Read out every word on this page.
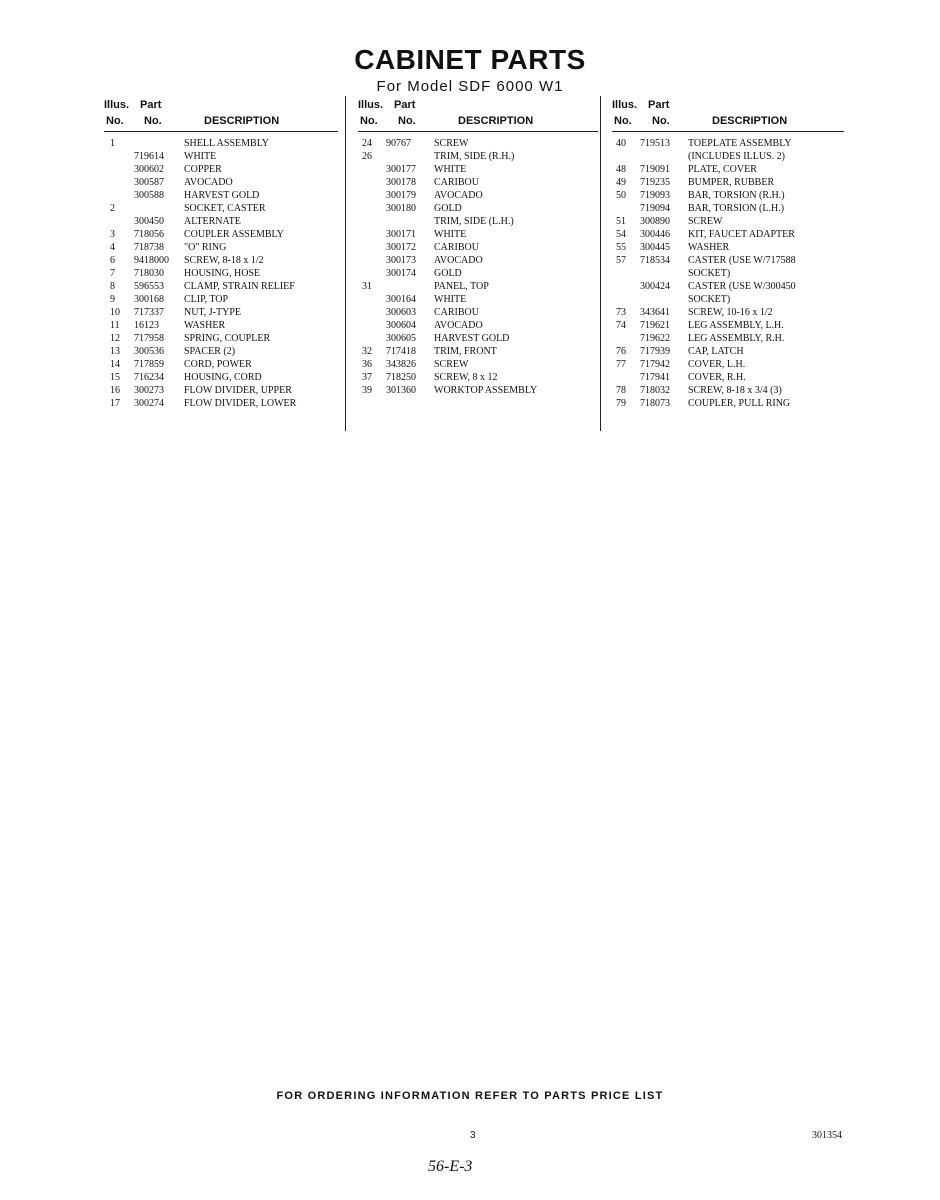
CABINET PARTS
For Model SDF 6000 W1
Illus. Part
No. No.	DESCRIPTION
1	SHELL ASSEMBLY
719614 WHITE
300602 COPPER
300587 AVOCADO
300588 HARVEST GOLD
2	SOCKET, CASTER
300450 ALTERNATE
3 718056 COUPLER ASSEMBLY
4 718738 "O" RING
6 9418000 SCREW, 8-18 x 1/2
7 718030 HOUSING, HOSE
8 596553 CLAMP, STRAIN RELIEF
9 300168 CLIP, TOP
10 717337 NUT, J-TYPE
11 16123	WASHER
12 717958 SPRING, COUPLER
13 300536 SPACER (2)
14 717859 CORD, POWER
15 716234 HOUSING, CORD
16 300273 FLOW DIVIDER, UPPER
17 300274 FLOW DIVIDER, LOWER
Illus. Part
No. No.	DESCRIPTION
24 90767 SCREW
26	TRIM, SIDE (R.H.)
300177 WHITE
300178 CARIBOU
300179 AVOCADO
300180 GOLD
TRIM, SIDE (L.H.)
300171 WHITE
300172 CARIBOU
300173 AVOCADO
300174 GOLD
31	PANEL, TOP
300164 WHITE
300603 CARIBOU
300604 AVOCADO
300605 HARVEST GOLD
32 717418 TRIM, FRONT
36 343826 SCREW
37 718250 SCREW, 8 x 12
39 301360 WORKTOP ASSEMBLY
Illus. Part
No. No.	DESCRIPTION
40 719513 TOEPLATE ASSEMBLY
(INCLUDES ILLUS. 2)
48 719091 PLATE, COVER
49 719235 BUMPER, RUBBER
50 719093 BAR, TORSION (R.H.)
719094 BAR, TORSION (L.H.)
51 300890 SCREW
54 300446 KIT, FAUCET ADAPTER
55 300445 WASHER
57 718534 CASTER (USE W/717588
SOCKET)
300424 CASTER (USE W/300450
SOCKET)
73 343641 SCREW, 10-16 x 1/2
74 719621 LEG ASSEMBLY, L.H.
719622 LEG ASSEMBLY, R.H.
76 717939 CAP, LATCH
77 717942 COVER, L.H.
717941 COVER, R.H.
78 718032 SCREW, 8-18 x 3/4 (3)
79 718073 COUPLER, PULL RING
FOR ORDERING INFORMATION REFER TO PARTS PRICE LIST
3	301354
56-E-3
